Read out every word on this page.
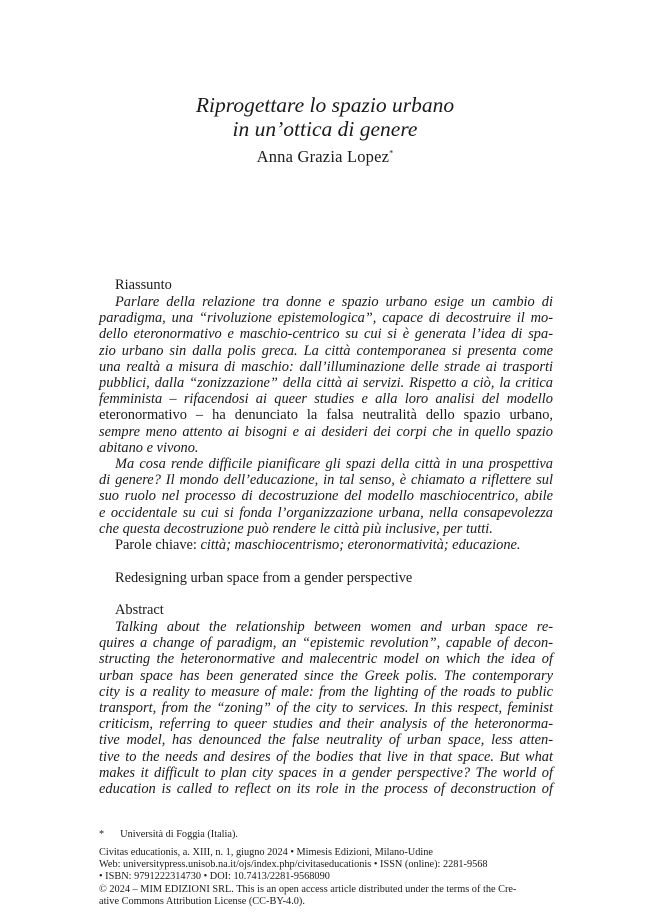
Riprogettare lo spazio urbano
in un’ottica di genere
Anna Grazia Lopez*
Riassunto
Parlare della relazione tra donne e spazio urbano esige un cambio di
paradigma, una “rivoluzione epistemologica”, capace di decostruire il mo-
dello eteronormativo e maschio-centrico su cui si è generata l’idea di spa-
zio urbano sin dalla polis greca. La città contemporanea si presenta come
una realtà a misura di maschio: dall’illuminazione delle strade ai trasporti
pubblici, dalla “zonizzazione” della città ai servizi. Rispetto a ciò, la critica
femminista – rifacendosi ai queer studies e alla loro analisi del modello
eteronormativo – ha denunciato la falsa neutralità dello spazio urbano,
sempre meno attento ai bisogni e ai desideri dei corpi che in quello spazio
abitano e vivono.
Ma cosa rende difficile pianificare gli spazi della città in una prospettiva
di genere? Il mondo dell’educazione, in tal senso, è chiamato a riflettere sul
suo ruolo nel processo di decostruzione del modello maschiocentrico, abile
e occidentale su cui si fonda l’organizzazione urbana, nella consapevolezza
che questa decostruzione può rendere le città più inclusive, per tutti.
Parole chiave: città; maschiocentrismo; eteronormatività; educazione.
Redesigning urban space from a gender perspective
Abstract
Talking about the relationship between women and urban space re-
quires a change of paradigm, an “epistemic revolution”, capable of decon-
structing the heteronormative and malecentric model on which the idea of
urban space has been generated since the Greek polis. The contemporary
city is a reality to measure of male: from the lighting of the roads to public
transport, from the “zoning” of the city to services. In this respect, feminist
criticism, referring to queer studies and their analysis of the heteronorma-
tive model, has denounced the false neutrality of urban space, less atten-
tive to the needs and desires of the bodies that live in that space. But what
makes it difficult to plan city spaces in a gender perspective? The world of
education is called to reflect on its role in the process of deconstruction of
* Università di Foggia (Italia).
Civitas educationis, a. XIII, n. 1, giugno 2024 • Mimesis Edizioni, Milano-Udine
Web: universitypress.unisob.na.it/ojs/index.php/civitaseducationis • ISSN (online): 2281-9568
• ISBN: 9791222314730 • DOI: 10.7413/2281-9568090
© 2024 – MIM EDIZIONI SRL. This is an open access article distributed under the terms of the Cre-
ative Commons Attribution License (CC-BY-4.0).
